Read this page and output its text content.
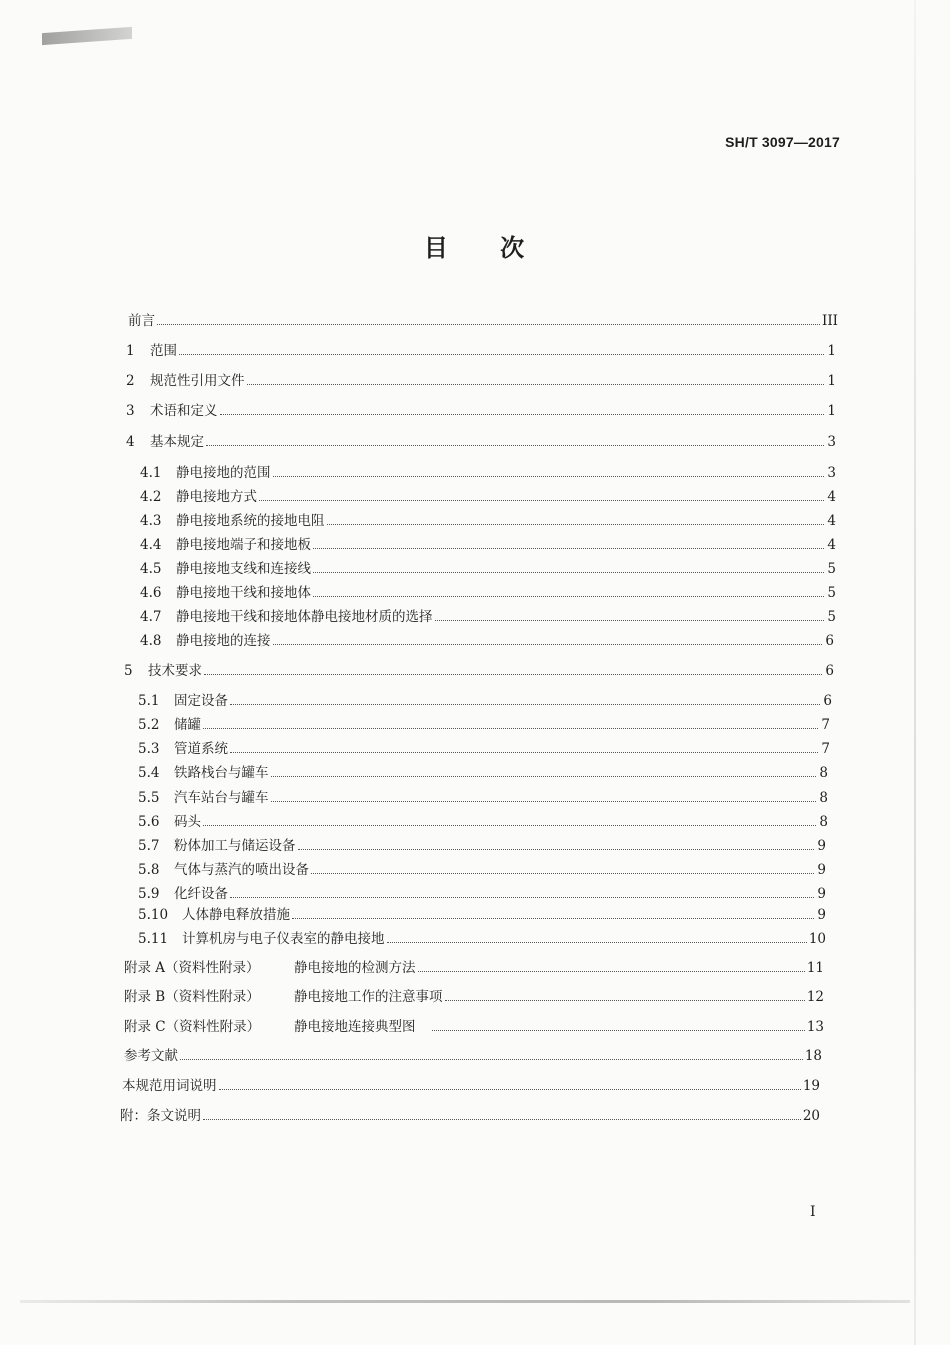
SH/T 3097—2017
目 次
前言	III
1	范围	1
2	规范性引用文件	1
3	术语和定义	1
4	基本规定	3
4.1	静电接地的范围	3
4.2	静电接地方式	4
4.3	静电接地系统的接地电阻	4
4.4	静电接地端子和接地板	4
4.5	静电接地支线和连接线	5
4.6	静电接地干线和接地体	5
4.7	静电接地干线和接地体静电接地材质的选择	5
4.8	静电接地的连接	6
5	技术要求	6
5.1	固定设备	6
5.2	储罐	7
5.3	管道系统	7
5.4	铁路栈台与罐车	8
5.5	汽车站台与罐车	8
5.6	码头	8
5.7	粉体加工与储运设备	9
5.8	气体与蒸汽的喷出设备	9
5.9	化纤设备	9
5.10	人体静电释放措施	9
5.11	计算机房与电子仪表室的静电接地	10
附录 A（资料性附录）	静电接地的检测方法	11
附录 B（资料性附录）	静电接地工作的注意事项	12
附录 C（资料性附录）	静电接地连接典型图	13
参考文献	18
本规范用词说明	19
附：条文说明	20
I
